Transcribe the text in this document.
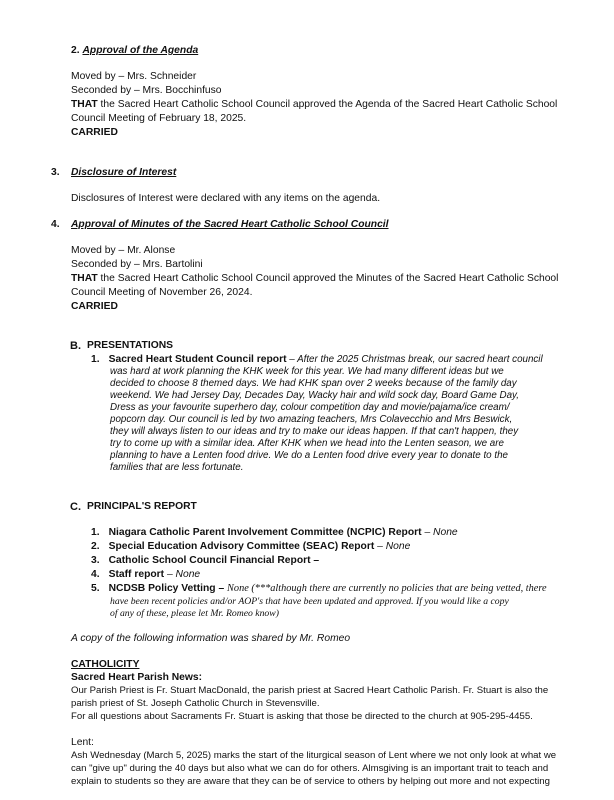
2. Approval of the Agenda
Moved by – Mrs. Schneider
Seconded by – Mrs. Bocchinfuso
THAT the Sacred Heart Catholic School Council approved the Agenda of the Sacred Heart Catholic School
Council Meeting of February 18, 2025.
CARRIED
3. Disclosure of Interest
Disclosures of Interest were declared with any items on the agenda.
4. Approval of Minutes of the Sacred Heart Catholic School Council
Moved by – Mr. Alonse
Seconded by – Mrs. Bartolini
THAT the Sacred Heart Catholic School Council approved the Minutes of the Sacred Heart Catholic School
Council Meeting of November 26, 2024.
CARRIED
B. PRESENTATIONS
1. Sacred Heart Student Council report – After the 2025 Christmas break, our sacred heart council
was hard at work planning the KHK week for this year. We had many different ideas but we
decided to choose 8 themed days. We had KHK span over 2 weeks because of the family day
weekend. We had Jersey Day, Decades Day, Wacky hair and wild sock day, Board Game Day,
Dress as your favourite superhero day, colour competition day and movie/pajama/ice cream/
popcorn day. Our council is led by two amazing teachers, Mrs Colavecchio and Mrs Beswick,
they will always listen to our ideas and try to make our ideas happen. If that can't happen, they
try to come up with a similar idea. After KHK when we head into the Lenten season, we are
planning to have a Lenten food drive. We do a Lenten food drive every year to donate to the
families that are less fortunate.
C. PRINCIPAL'S REPORT
1. Niagara Catholic Parent Involvement Committee (NCPIC) Report – None
2. Special Education Advisory Committee (SEAC) Report – None
3. Catholic School Council Financial Report –
4. Staff report – None
5. NCDSB Policy Vetting – None (***although there are currently no policies that are being vetted, there
have been recent policies and/or AOP's that have been updated and approved. If you would like a copy
of any of these, please let Mr. Romeo know)
A copy of the following information was shared by Mr. Romeo
CATHOLICITY
Sacred Heart Parish News:
Our Parish Priest is Fr. Stuart MacDonald, the parish priest at Sacred Heart Catholic Parish. Fr. Stuart is also the
parish priest of St. Joseph Catholic Church in Stevensville.
For all questions about Sacraments Fr. Stuart is asking that those be directed to the church at 905-295-4455.
Lent:
Ash Wednesday (March 5, 2025) marks the start of the liturgical season of Lent where we not only look at what we
can "give up" during the 40 days but also what we can do for others. Almsgiving is an important trait to teach and
explain to students so they are aware that they can be of service to others by helping out more and not expecting
